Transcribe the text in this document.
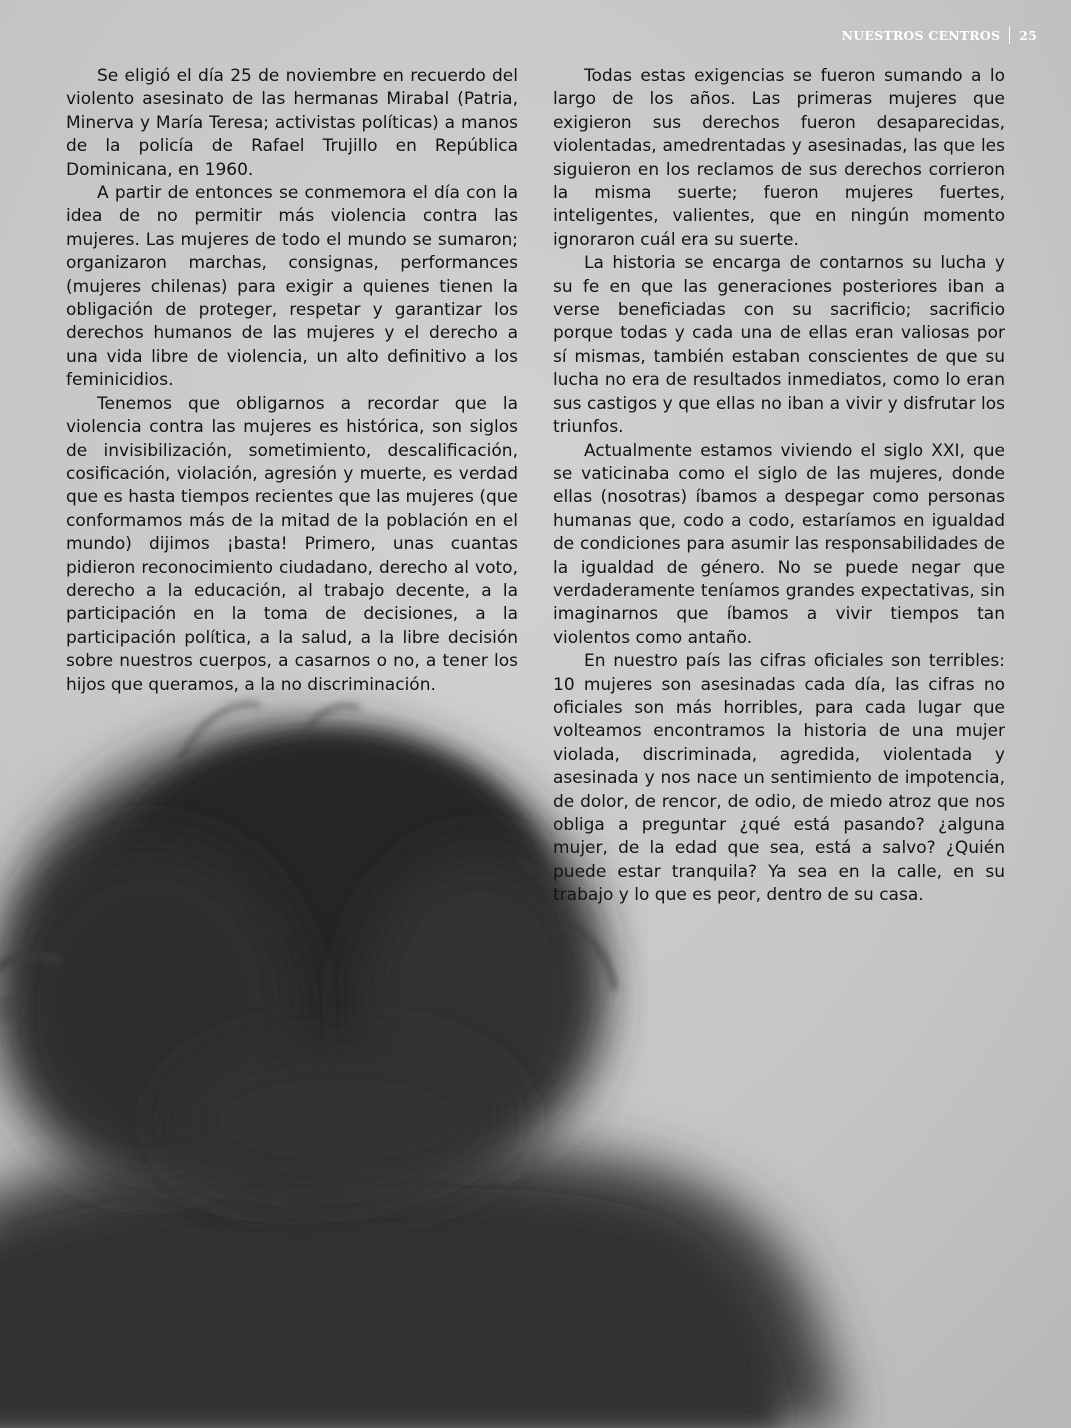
NUESTROS CENTROS 25

Se eligió el día 25 de noviembre en recuerdo del violento asesinato de las hermanas Mirabal (Patria, Minerva y María Teresa; activistas políticas) a manos de la policía de Rafael Trujillo en República Dominicana, en 1960.

A partir de entonces se conmemora el día con la idea de no permitir más violencia contra las mujeres. Las mujeres de todo el mundo se sumaron; organizaron marchas, consignas, performances (mujeres chilenas) para exigir a quienes tienen la obligación de proteger, respetar y garantizar los derechos humanos de las mujeres y el derecho a una vida libre de violencia, un alto definitivo a los feminicidios.

Tenemos que obligarnos a recordar que la violencia contra las mujeres es histórica, son siglos de invisibilización, sometimiento, descalificación, cosificación, violación, agresión y muerte, es verdad que es hasta tiempos recientes que las mujeres (que conformamos más de la mitad de la población en el mundo) dijimos ¡basta! Primero, unas cuantas pidieron reconocimiento ciudadano, derecho al voto, derecho a la educación, al trabajo decente, a la participación en la toma de decisiones, a la participación política, a la salud, a la libre decisión sobre nuestros cuerpos, a casarnos o no, a tener los hijos que queramos, a la no discriminación.

Todas estas exigencias se fueron sumando a lo largo de los años. Las primeras mujeres que exigieron sus derechos fueron desaparecidas, violentadas, amedrentadas y asesinadas, las que les siguieron en los reclamos de sus derechos corrieron la misma suerte; fueron mujeres fuertes, inteligentes, valientes, que en ningún momento ignoraron cuál era su suerte.

La historia se encarga de contarnos su lucha y su fe en que las generaciones posteriores iban a verse beneficiadas con su sacrificio; sacrificio porque todas y cada una de ellas eran valiosas por sí mismas, también estaban conscientes de que su lucha no era de resultados inmediatos, como lo eran sus castigos y que ellas no iban a vivir y disfrutar los triunfos.

Actualmente estamos viviendo el siglo XXI, que se vaticinaba como el siglo de las mujeres, donde ellas (nosotras) íbamos a despegar como personas humanas que, codo a codo, estaríamos en igualdad de condiciones para asumir las responsabilidades de la igualdad de género. No se puede negar que verdaderamente teníamos grandes expectativas, sin imaginarnos que íbamos a vivir tiempos tan violentos como antaño.

En nuestro país las cifras oficiales son terribles: 10 mujeres son asesinadas cada día, las cifras no oficiales son más horribles, para cada lugar que volteamos encontramos la historia de una mujer violada, discriminada, agredida, violentada y asesinada y nos nace un sentimiento de impotencia, de dolor, de rencor, de odio, de miedo atroz que nos obliga a preguntar ¿qué está pasando? ¿alguna mujer, de la edad que sea, está a salvo? ¿Quién puede estar tranquila? Ya sea en la calle, en su trabajo y lo que es peor, dentro de su casa.
